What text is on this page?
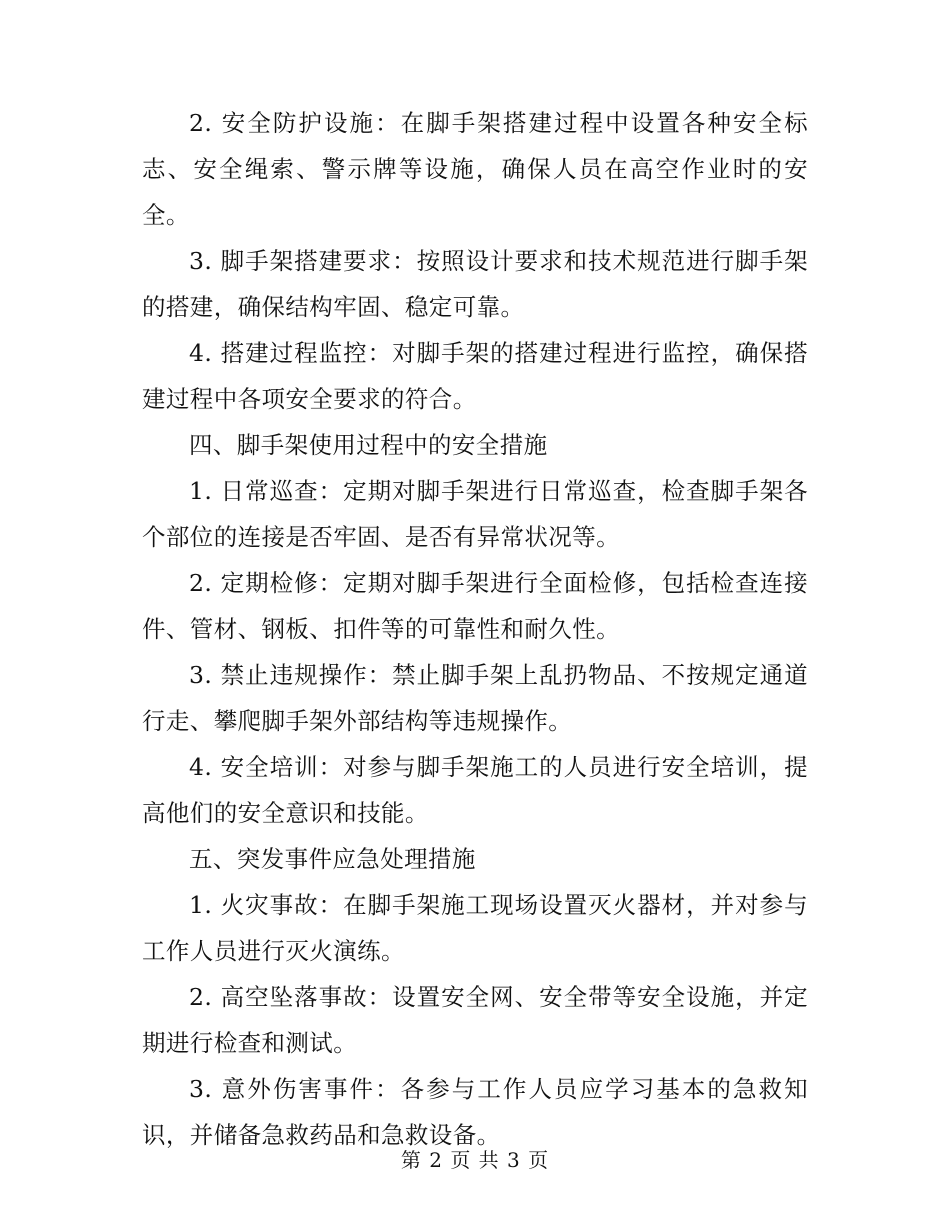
2. 安全防护设施：在脚手架搭建过程中设置各种安全标志、安全绳索、警示牌等设施，确保人员在高空作业时的安全。

3. 脚手架搭建要求：按照设计要求和技术规范进行脚手架的搭建，确保结构牢固、稳定可靠。

4. 搭建过程监控：对脚手架的搭建过程进行监控，确保搭建过程中各项安全要求的符合。

四、脚手架使用过程中的安全措施

1. 日常巡查：定期对脚手架进行日常巡查，检查脚手架各个部位的连接是否牢固、是否有异常状况等。

2. 定期检修：定期对脚手架进行全面检修，包括检查连接件、管材、钢板、扣件等的可靠性和耐久性。

3. 禁止违规操作：禁止脚手架上乱扔物品、不按规定通道行走、攀爬脚手架外部结构等违规操作。

4. 安全培训：对参与脚手架施工的人员进行安全培训，提高他们的安全意识和技能。

五、突发事件应急处理措施

1. 火灾事故：在脚手架施工现场设置灭火器材，并对参与工作人员进行灭火演练。

2. 高空坠落事故：设置安全网、安全带等安全设施，并定期进行检查和测试。

3. 意外伤害事件：各参与工作人员应学习基本的急救知识，并储备急救药品和急救设备。

第 2 页 共 3 页
